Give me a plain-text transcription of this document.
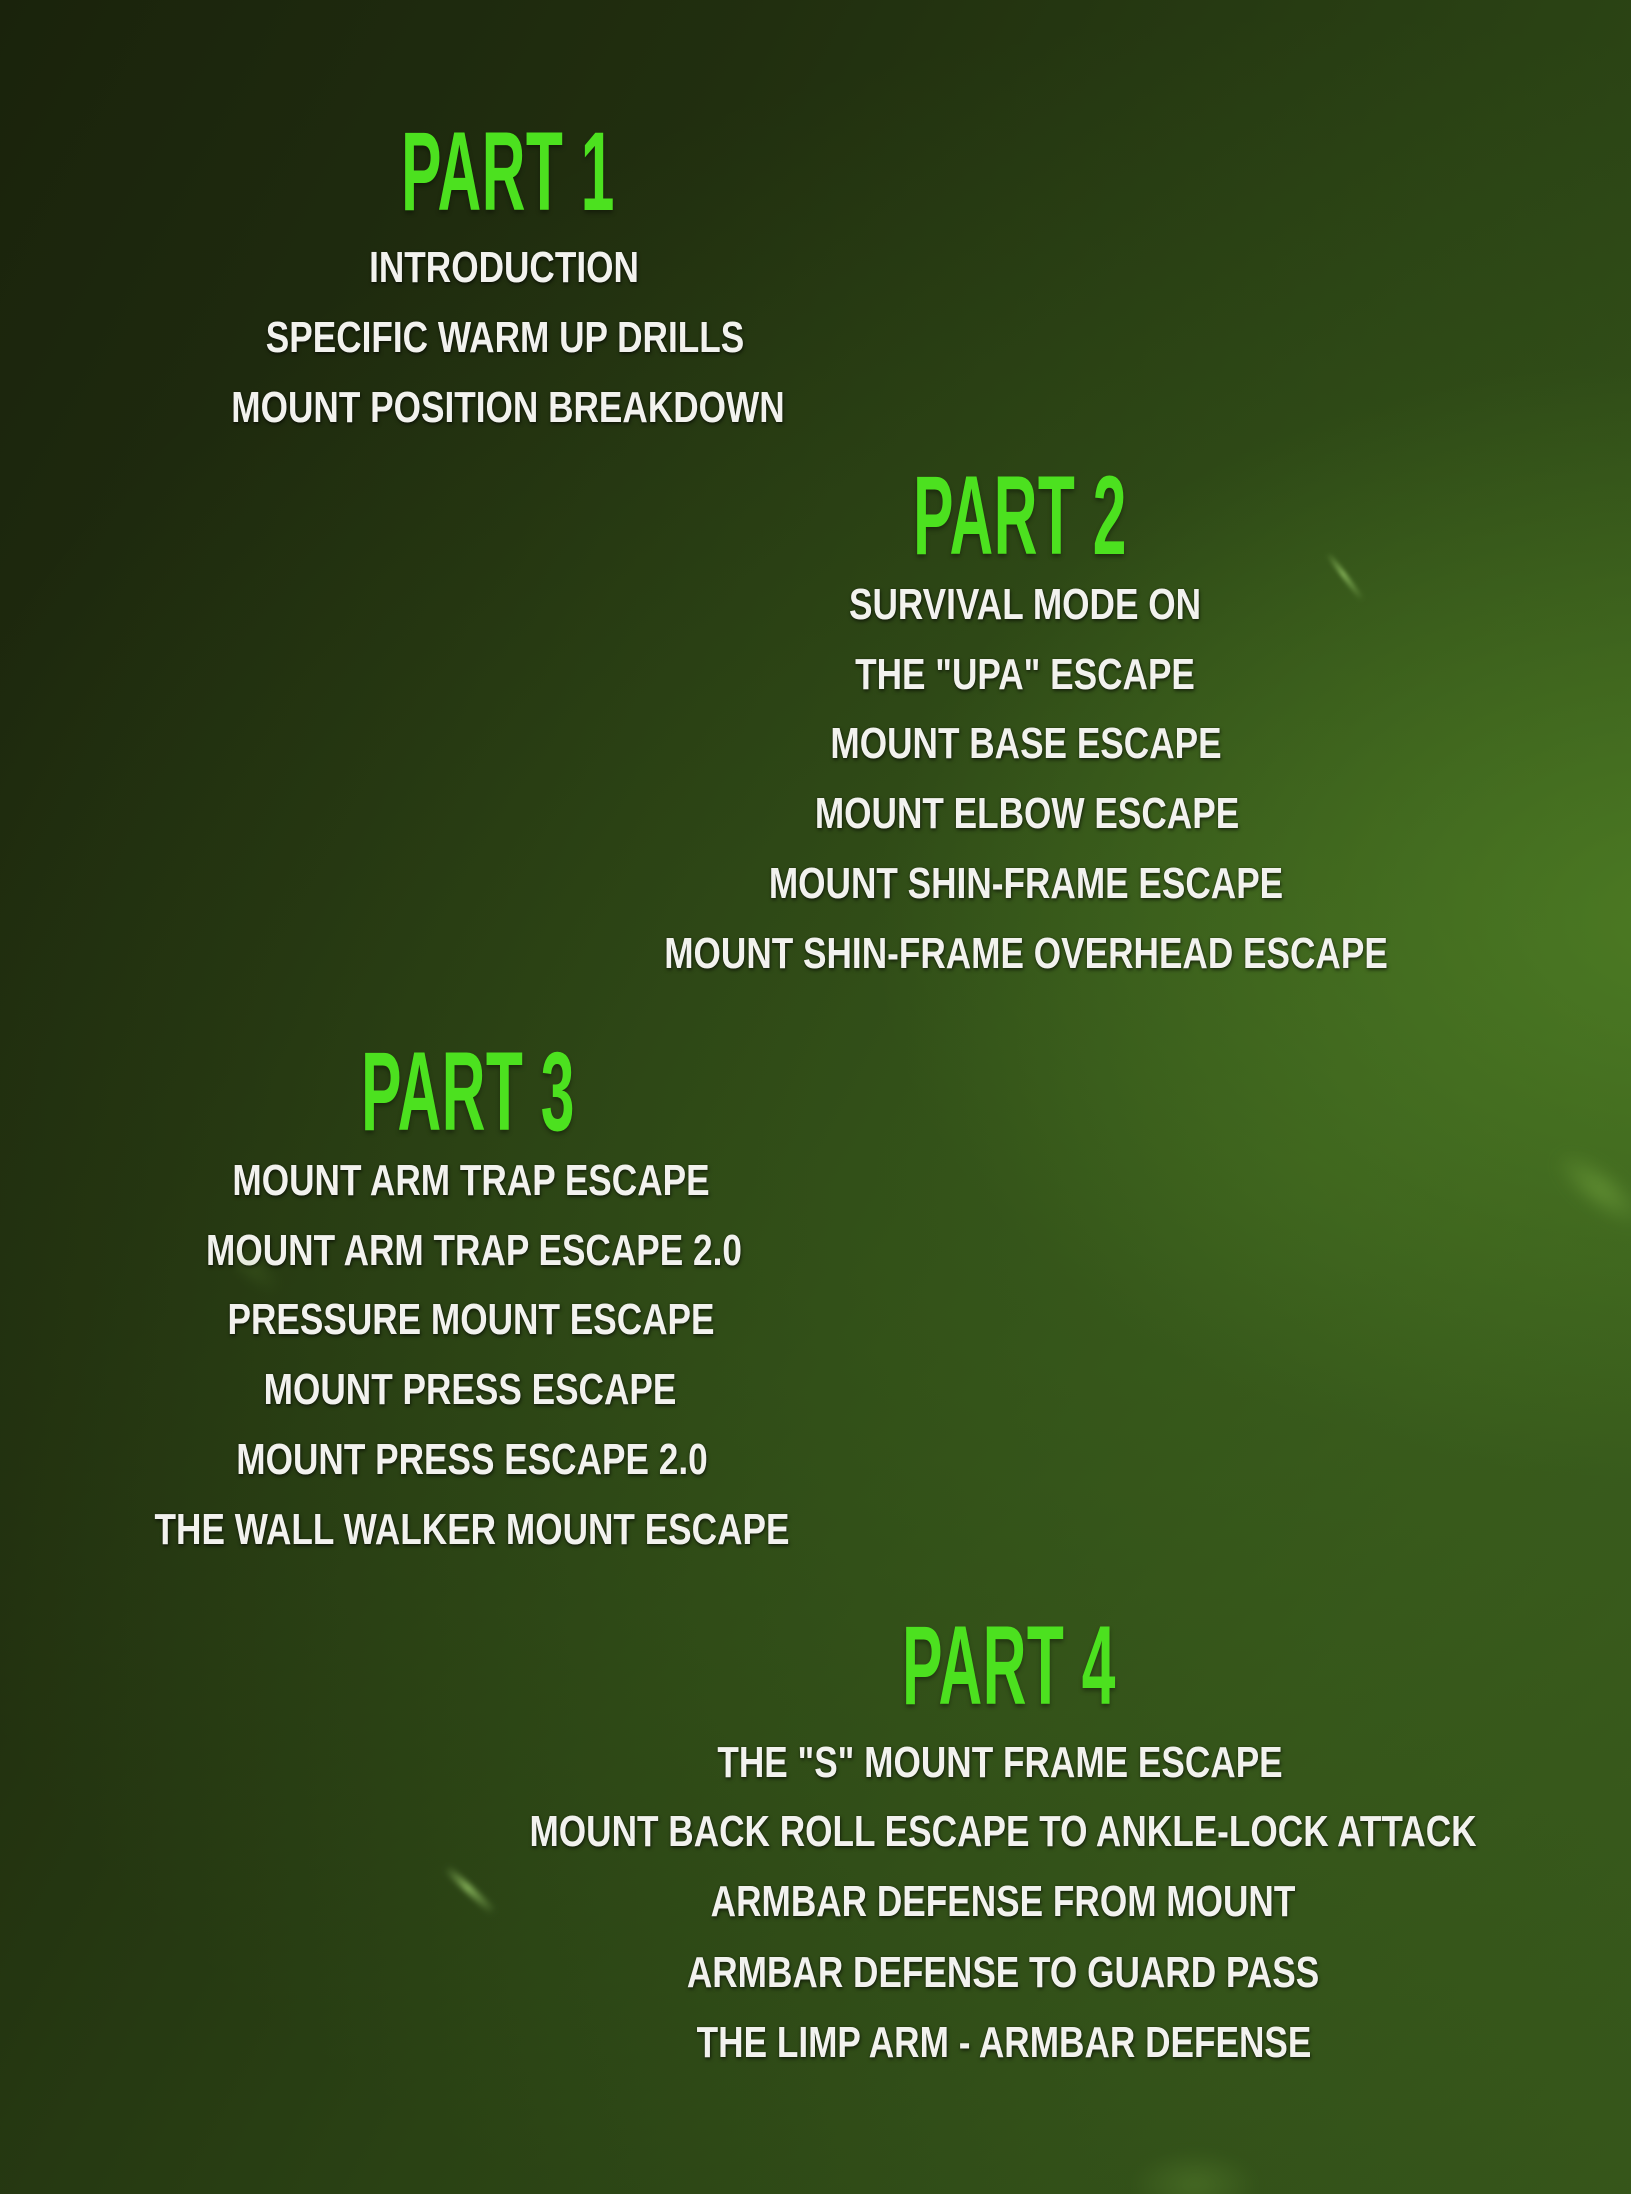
PART 1
INTRODUCTION
SPECIFIC WARM UP DRILLS
MOUNT POSITION BREAKDOWN
PART 2
SURVIVAL MODE ON
THE "UPA" ESCAPE
MOUNT BASE ESCAPE
MOUNT ELBOW ESCAPE
MOUNT SHIN-FRAME ESCAPE
MOUNT SHIN-FRAME OVERHEAD ESCAPE
PART 3
MOUNT ARM TRAP ESCAPE
MOUNT ARM TRAP ESCAPE 2.0
PRESSURE MOUNT ESCAPE
MOUNT PRESS ESCAPE
MOUNT PRESS ESCAPE 2.0
THE WALL WALKER MOUNT ESCAPE
PART 4
THE "S" MOUNT FRAME ESCAPE
MOUNT BACK ROLL ESCAPE TO ANKLE-LOCK ATTACK
ARMBAR DEFENSE FROM MOUNT
ARMBAR DEFENSE TO GUARD PASS
THE LIMP ARM - ARMBAR DEFENSE
